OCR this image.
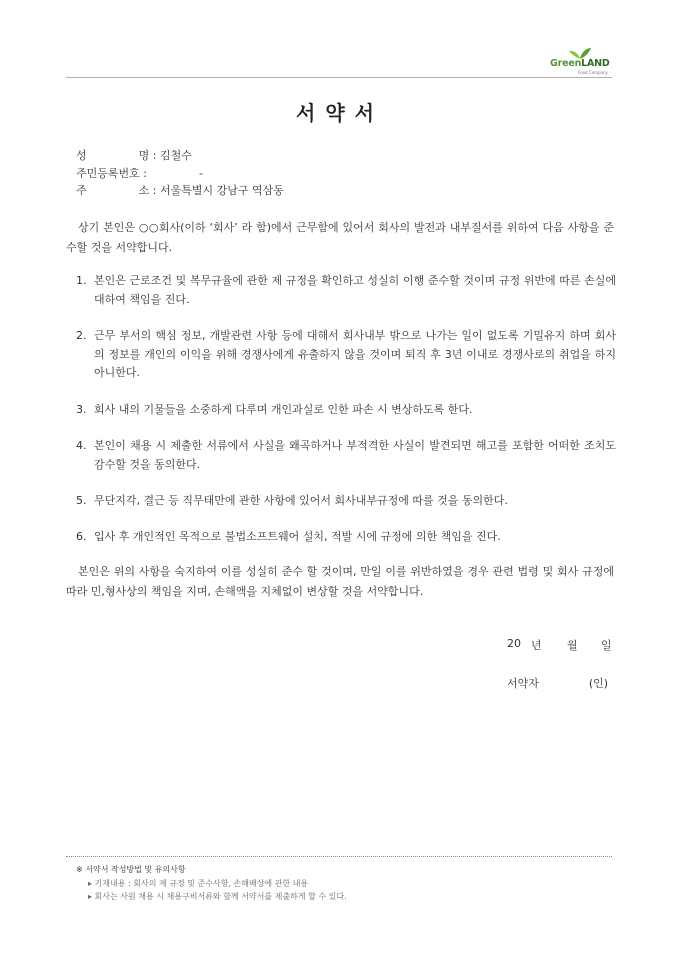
GreenLAND
Food Company
서약서
성	명 : 김철수
주민등록번호 :	-
주	소 : 서울특별시 강남구 역삼동
상기 본인은 ○○회사(이하 ‘회사’ 라 함)에서 근무함에 있어서 회사의 발전과 내부질서를 위하여 다음 사항을 준수할 것을 서약합니다.
1. 본인은 근로조건 및 복무규율에 관한 제 규정을 확인하고 성실히 이행 준수할 것이며 규정 위반에 따른 손실에 대하여 책임을 진다.
2. 근무 부서의 핵심 정보, 개발관련 사항 등에 대해서 회사내부 밖으로 나가는 일이 없도록 기밀유지 하며 회사의 정보를 개인의 이익을 위해 경쟁사에게 유출하지 않을 것이며 퇴직 후 3년 이내로 경쟁사로의 취업을 하지 아니한다.
3. 회사 내의 기물들을 소중하게 다루며 개인과실로 인한 파손 시 변상하도록 한다.
4. 본인이 채용 시 제출한 서류에서 사실을 왜곡하거나 부적격한 사실이 발견되면 해고를 포함한 어떠한 조치도 감수할 것을 동의한다.
5. 무단지각, 결근 등 직무태만에 관한 사항에 있어서 회사내부규정에 따를 것을 동의한다.
6. 입사 후 개인적인 목적으로 불법소프트웨어 설치, 적발 시에 규정에 의한 책임을 진다.
본인은 위의 사항을 숙지하여 이를 성실히 준수 할 것이며, 만일 이를 위반하였을 경우 관련 법령 및 회사 규정에 따라 민,형사상의 책임을 지며, 손해액을 지체없이 변상할 것을 서약합니다.
20 년 월 일
서약자	(인)
※ 서약서 작성방법 및 유의사항
▸ 기재내용 : 회사의 제 규정 및 준수사항, 손해배상에 관한 내용
▸ 회사는 사원 채용 시 채용구비서류와 함께 서약서를 제출하게 할 수 있다.
